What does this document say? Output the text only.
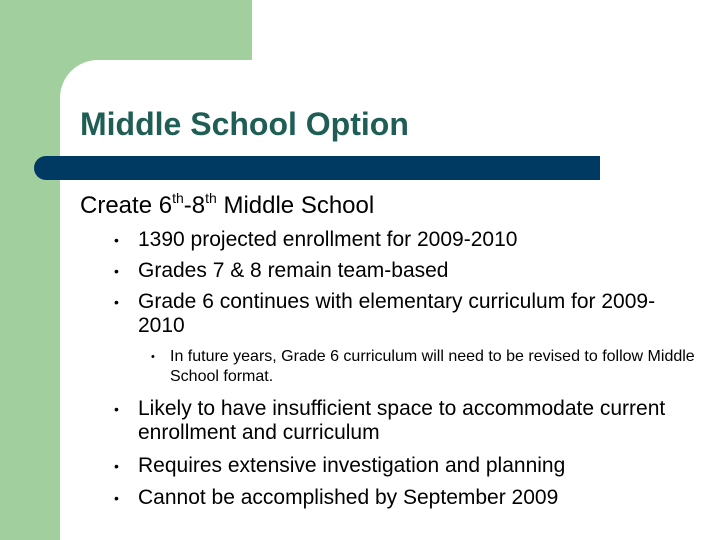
Middle School Option
Create 6th-8th Middle School
• 1390 projected enrollment for 2009-2010
• Grades 7 & 8 remain team-based
• Grade 6 continues with elementary curriculum for 2009-2010
• In future years, Grade 6 curriculum will need to be revised to follow Middle School format.
• Likely to have insufficient space to accommodate current enrollment and curriculum
• Requires extensive investigation and planning
• Cannot be accomplished by September 2009
